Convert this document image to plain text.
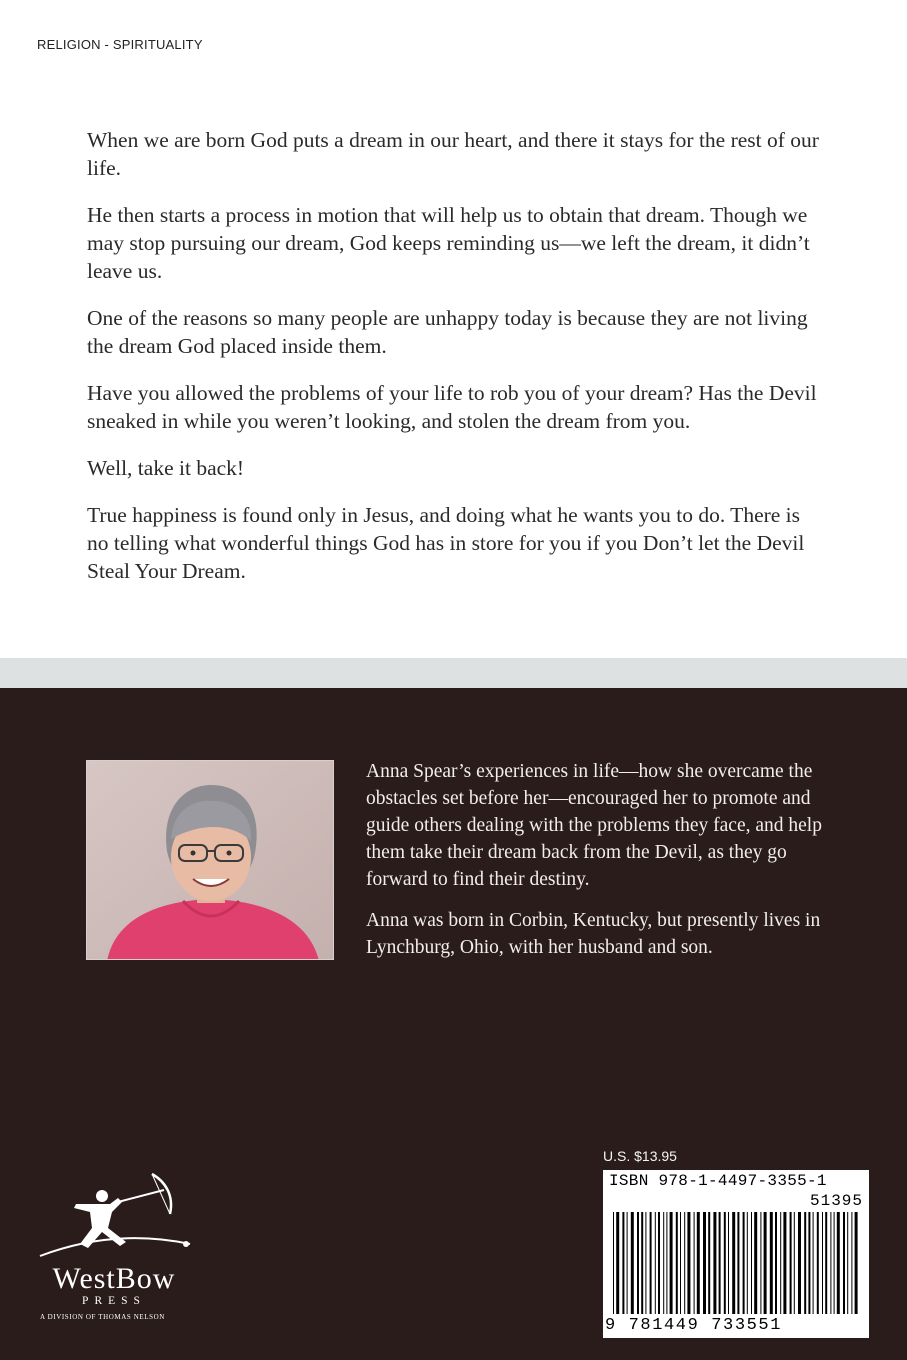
RELIGION - SPIRITUALITY

When we are born God puts a dream in our heart, and there it stays for the rest of our life.

He then starts a process in motion that will help us to obtain that dream. Though we may stop pursuing our dream, God keeps reminding us—we left the dream, it didn’t leave us.

One of the reasons so many people are unhappy today is because they are not living the dream God placed inside them.

Have you allowed the problems of your life to rob you of your dream? Has the Devil sneaked in while you weren’t looking, and stolen the dream from you.

Well, take it back!

True happiness is found only in Jesus, and doing what he wants you to do. There is no telling what wonderful things God has in store for you if you Don’t let the Devil Steal Your Dream.

Anna Spear’s experiences in life—how she overcame the obstacles set before her—encouraged her to promote and guide others dealing with the problems they face, and help them take their dream back from the Devil, as they go forward to find their destiny.

Anna was born in Corbin, Kentucky, but presently lives in Lynchburg, Ohio, with her husband and son.

U.S. $13.95
ISBN 978-1-4497-3355-1
51395
9 781449 733551
WestBow
PRESS
A DIVISION OF THOMAS NELSON
